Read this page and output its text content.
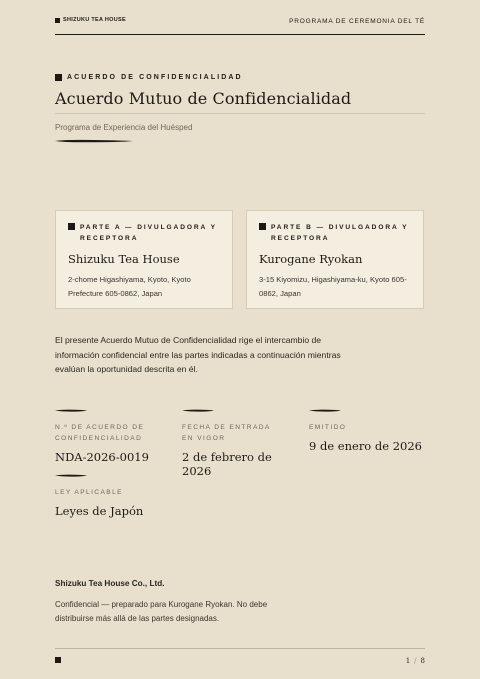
SHIZUKU TEA HOUSE	PROGRAMA DE CEREMONIA DEL TÉ
ACUERDO DE CONFIDENCIALIDAD
Acuerdo Mutuo de Confidencialidad
Programa de Experiencia del Huésped
PARTE A — DIVULGADORA Y RECEPTORA
Shizuku Tea House
2-chome Higashiyama, Kyoto, Kyoto Prefecture 605-0862, Japan
PARTE B — DIVULGADORA Y RECEPTORA
Kurogane Ryokan
3-15 Kiyomizu, Higashiyama-ku, Kyoto 605-0862, Japan
El presente Acuerdo Mutuo de Confidencialidad rige el intercambio de información confidencial entre las partes indicadas a continuación mientras evalúan la oportunidad descrita en él.
N.º DE ACUERDO DE CONFIDENCIALIDAD
NDA-2026-0019
FECHA DE ENTRADA EN VIGOR
2 de febrero de 2026
EMITIDO
9 de enero de 2026
LEY APLICABLE
Leyes de Japón
Shizuku Tea House Co., Ltd.
Confidencial — preparado para Kurogane Ryokan. No debe distribuirse más allá de las partes designadas.
1 / 8
